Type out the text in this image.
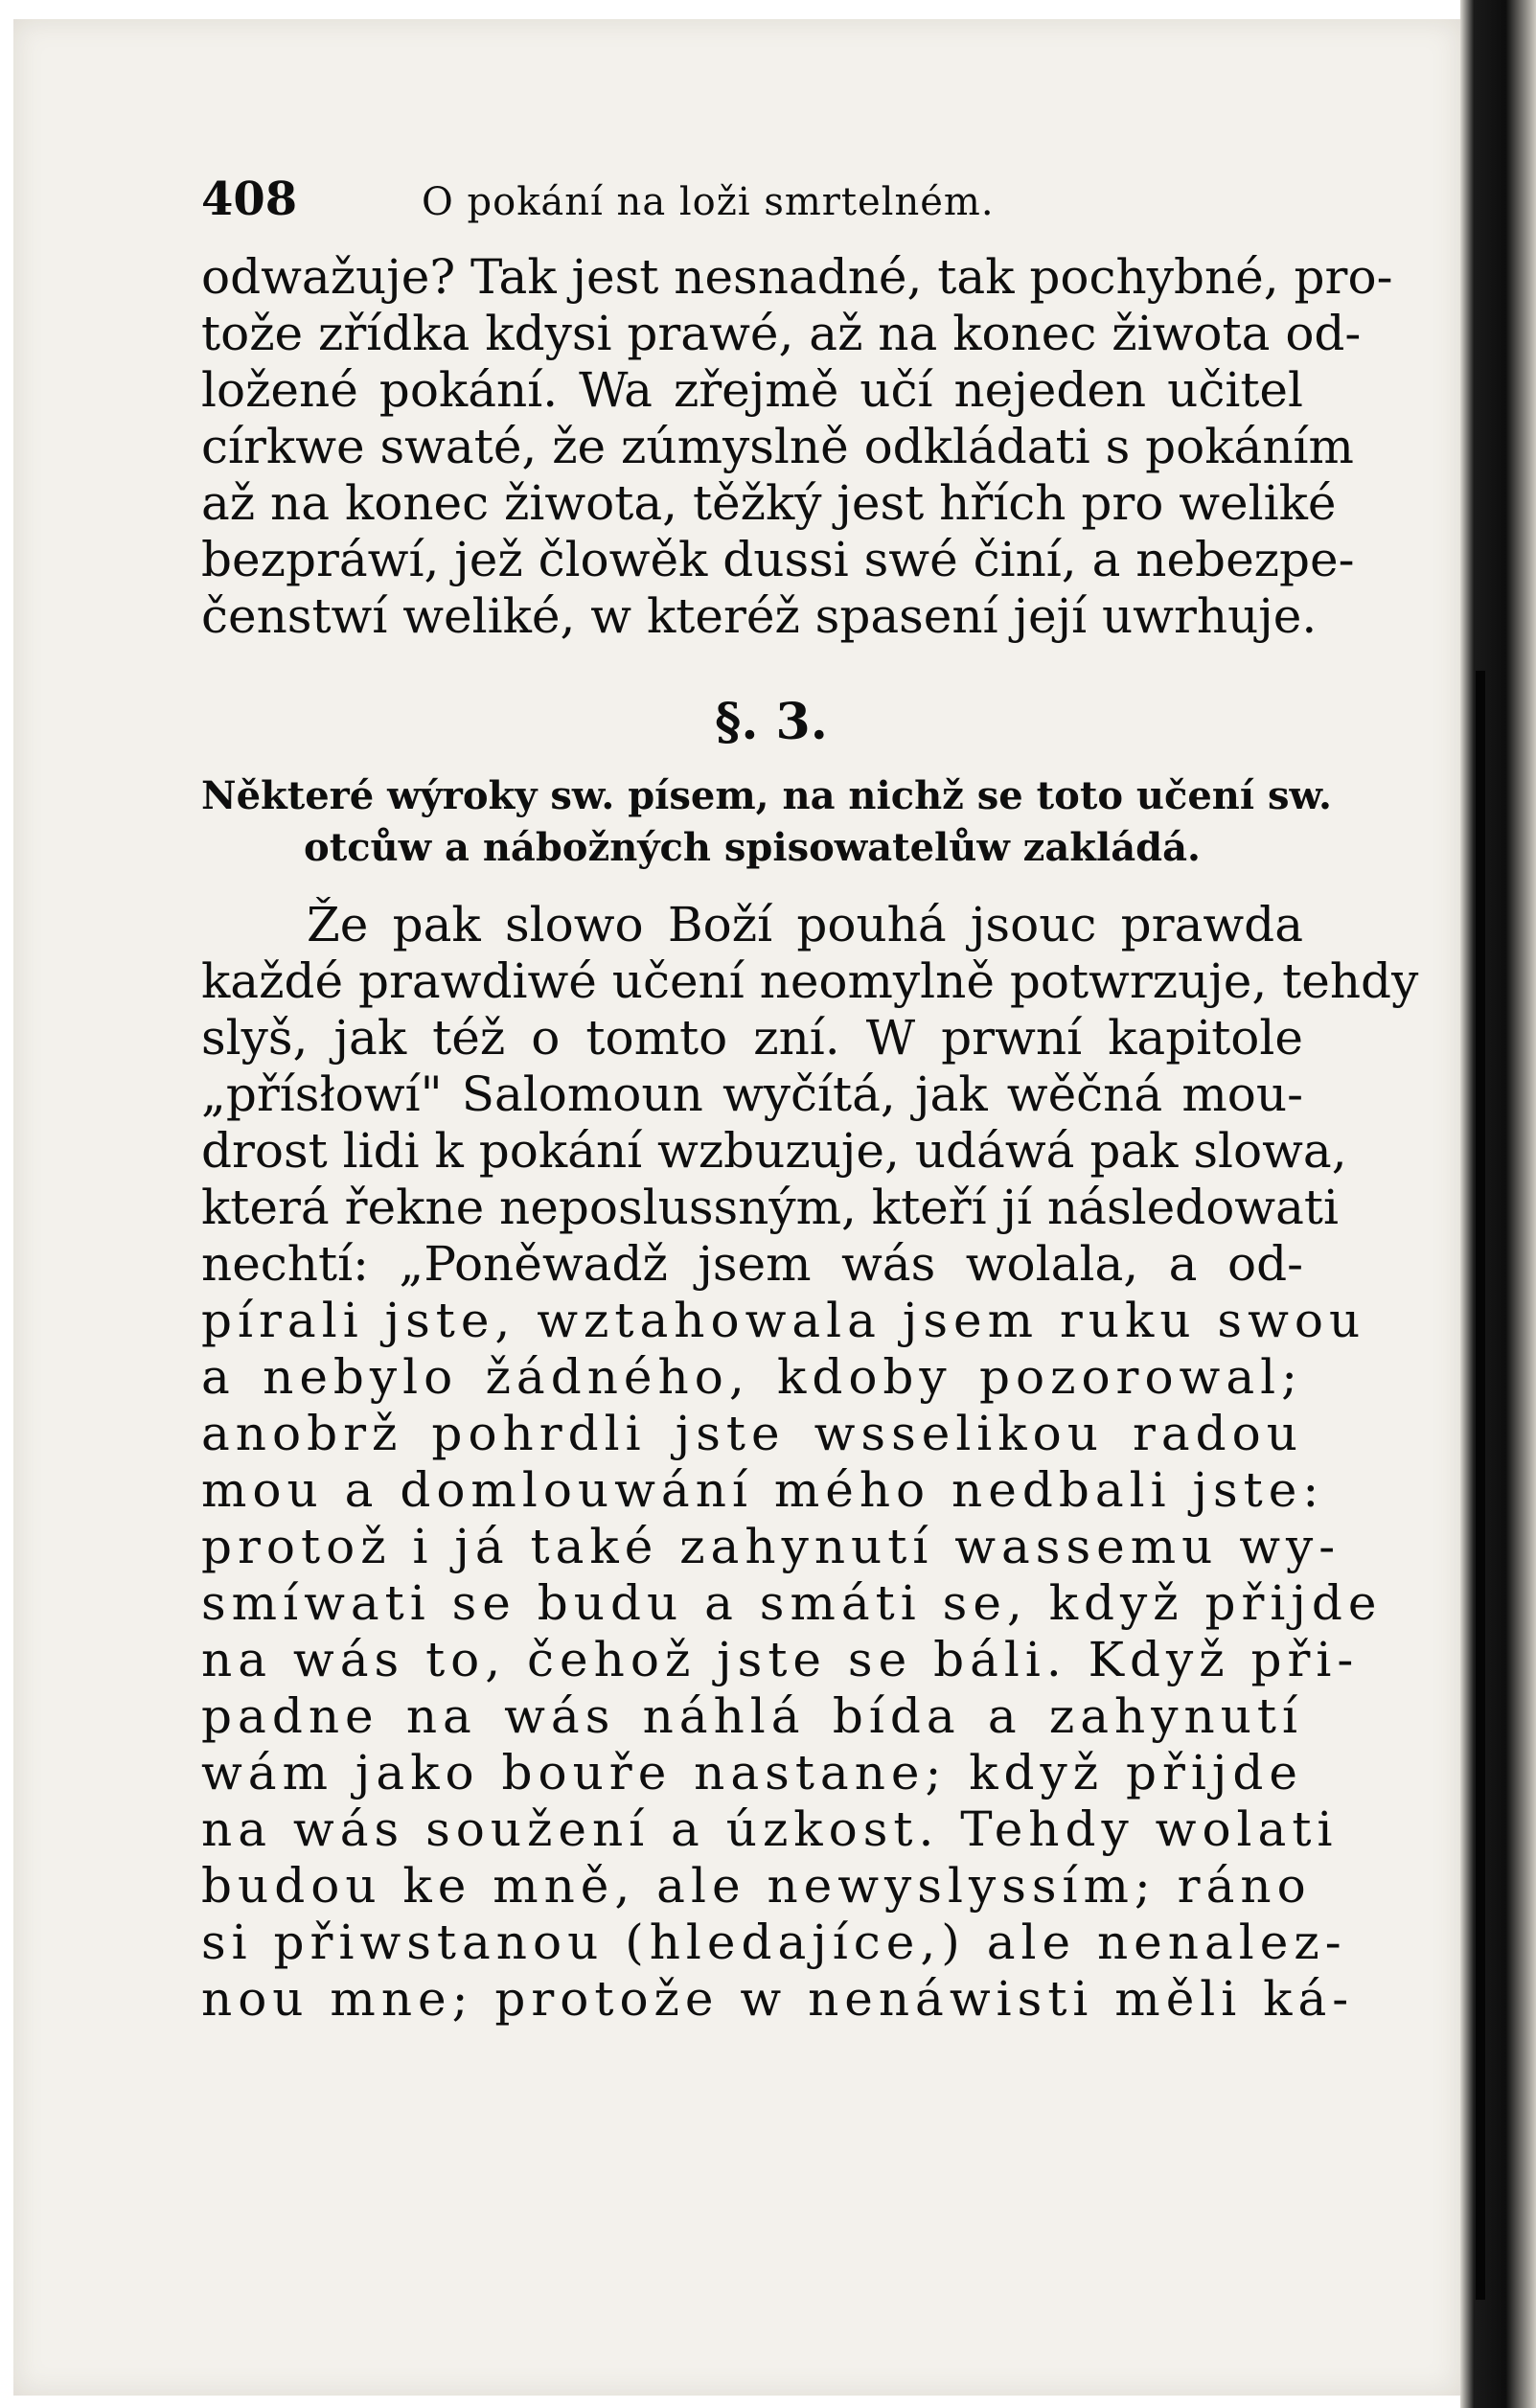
408	O pokání na loži smrtelném.

odwažuje? Tak jest nesnadné, tak pochybné, pro-
tože zřídka kdysi prawé, až na konec žiwota od-
ložené pokání. Wa zřejmě učí nejeden učitel
církwe swaté, že zúmyslně odkládati s pokáním
až na konec žiwota, těžký jest hřích pro weliké
bezpráwí, jež člowěk dussi swé činí, a nebezpe-
čenstwí weliké, w kteréž spasení její uwrhuje.

§. 3.
Některé wýroky sw. písem, na nichž se toto učení sw.
otcůw a nábožných spisowatelůw zakládá.

Že pak slowo Boží pouhá jsouc prawda
každé prawdiwé učení neomylně potwrzuje, tehdy
slyš, jak též o tomto zní. W prwní kapitole
„přísłowí" Salomoun wyčítá, jak wěčná mou-
drost lidi k pokání wzbuzuje, udáwá pak slowa,
která řekne neposlussným, kteří jí následowati
nechtí: „Poněwadž jsem wás wolala, a od-
pírali jste, wztahowala jsem ruku swou
a nebylo žádného, kdoby pozorowal;
anobrž pohrdli jste wsselikou radou
mou a domlouwání mého nedbali jste:
protož i já také zahynutí wassemu wy-
smíwati se budu a smáti se, když přijde
na wás to, čehož jste se báli. Když při-
padne na wás náhlá bída a zahynutí
wám jako bouře nastane; když přijde
na wás soužení a úzkost. Tehdy wolati
budou ke mně, ale newyslyssím; ráno
si přiwstanou (hledajíce,) ale nenalez-
nou mne; protože w nenáwisti měli ká-
